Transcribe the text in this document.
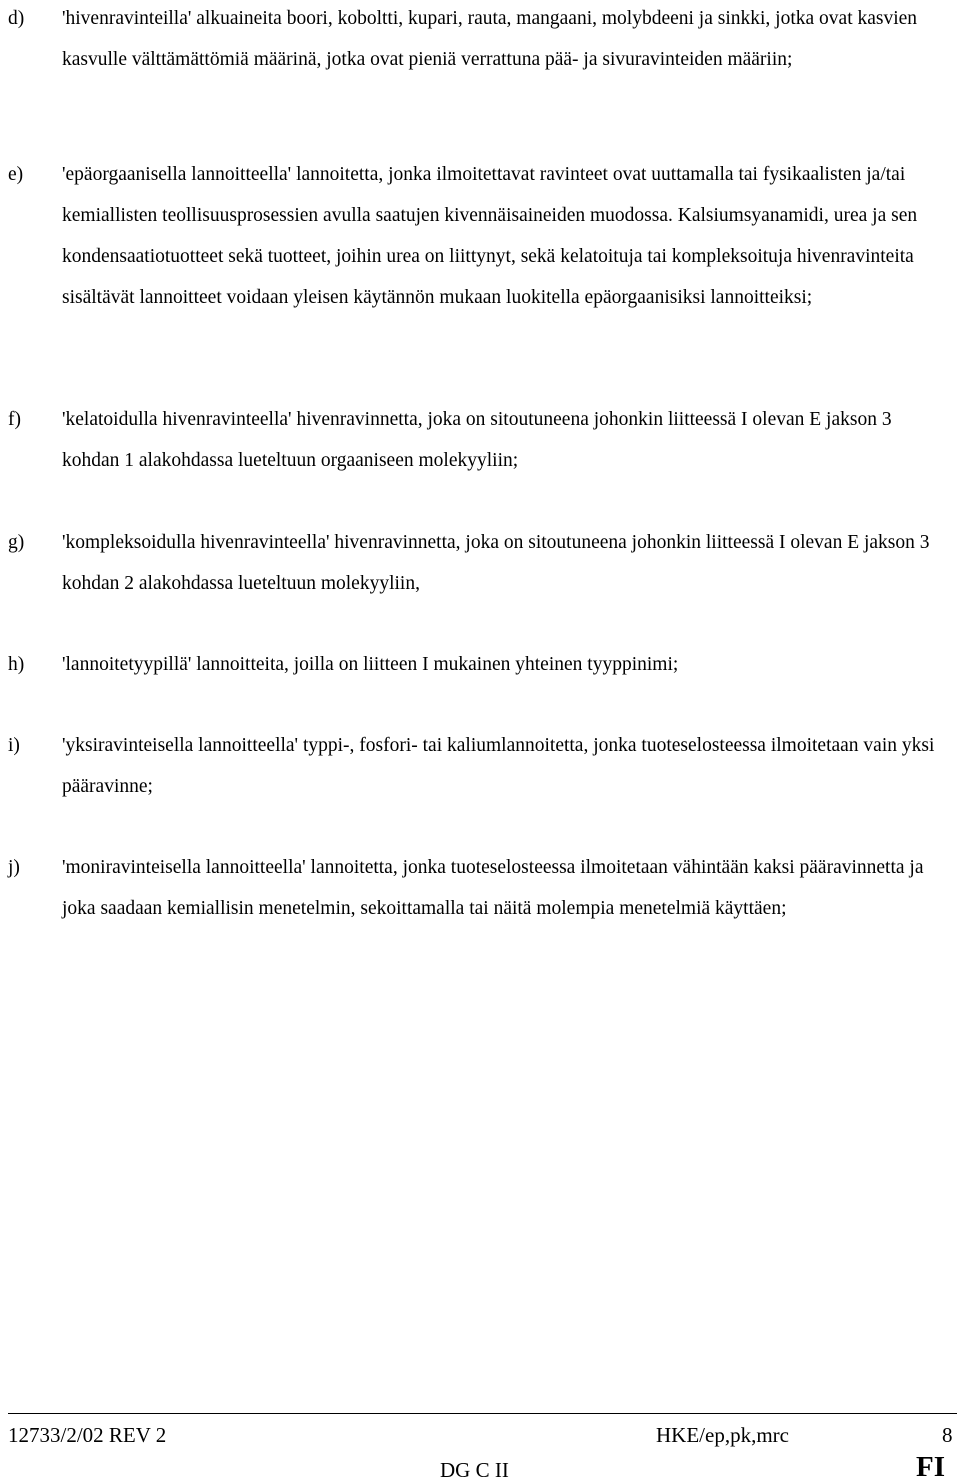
d) 'hivenravinteilla' alkuaineita boori, koboltti, kupari, rauta, mangaani, molybdeeni ja sinkki, jotka ovat kasvien kasvulle välttämättömiä määrinä, jotka ovat pieniä verrattuna pää- ja sivuravinteiden määriin;
e) 'epäorgaanisella lannoitteella' lannoitetta, jonka ilmoitettavat ravinteet ovat uuttamalla tai fysikaalisten ja/tai kemiallisten teollisuusprosessien avulla saatujen kivennäisaineiden muodossa. Kalsiumsyanamidi, urea ja sen kondensaatiotuotteet sekä tuotteet, joihin urea on liittynyt, sekä kelatoituja tai kompleksoituja hivenravinteita sisältävät lannoitteet voidaan yleisen käytännön mukaan luokitella epäorgaanisiksi lannoitteiksi;
f) 'kelatoidulla hivenravinteella' hivenravinnetta, joka on sitoutuneena johonkin liitteessä I olevan E jakson 3 kohdan 1 alakohdassa lueteltuun orgaaniseen molekyyliin;
g) 'kompleksoidulla hivenravinteella' hivenravinnetta, joka on sitoutuneena johonkin liitteessä I olevan E jakson 3 kohdan 2 alakohdassa lueteltuun molekyyliin,
h) 'lannoitetyypillä' lannoitteita, joilla on liitteen I mukainen yhteinen tyyppinimi;
i) 'yksiravinteisella lannoitteella' typpi-, fosfori- tai kaliumlannoitetta, jonka tuoteselosteessa ilmoitetaan vain yksi pääravinne;
j) 'moniravinteisella lannoitteella' lannoitetta, jonka tuoteselosteessa ilmoitetaan vähintään kaksi pääravinnetta ja joka saadaan kemiallisin menetelmin, sekoittamalla tai näitä molempia menetelmiä käyttäen;
12733/2/02 REV 2	HKE/ep,pk,mrc	8
DG C II	FI
